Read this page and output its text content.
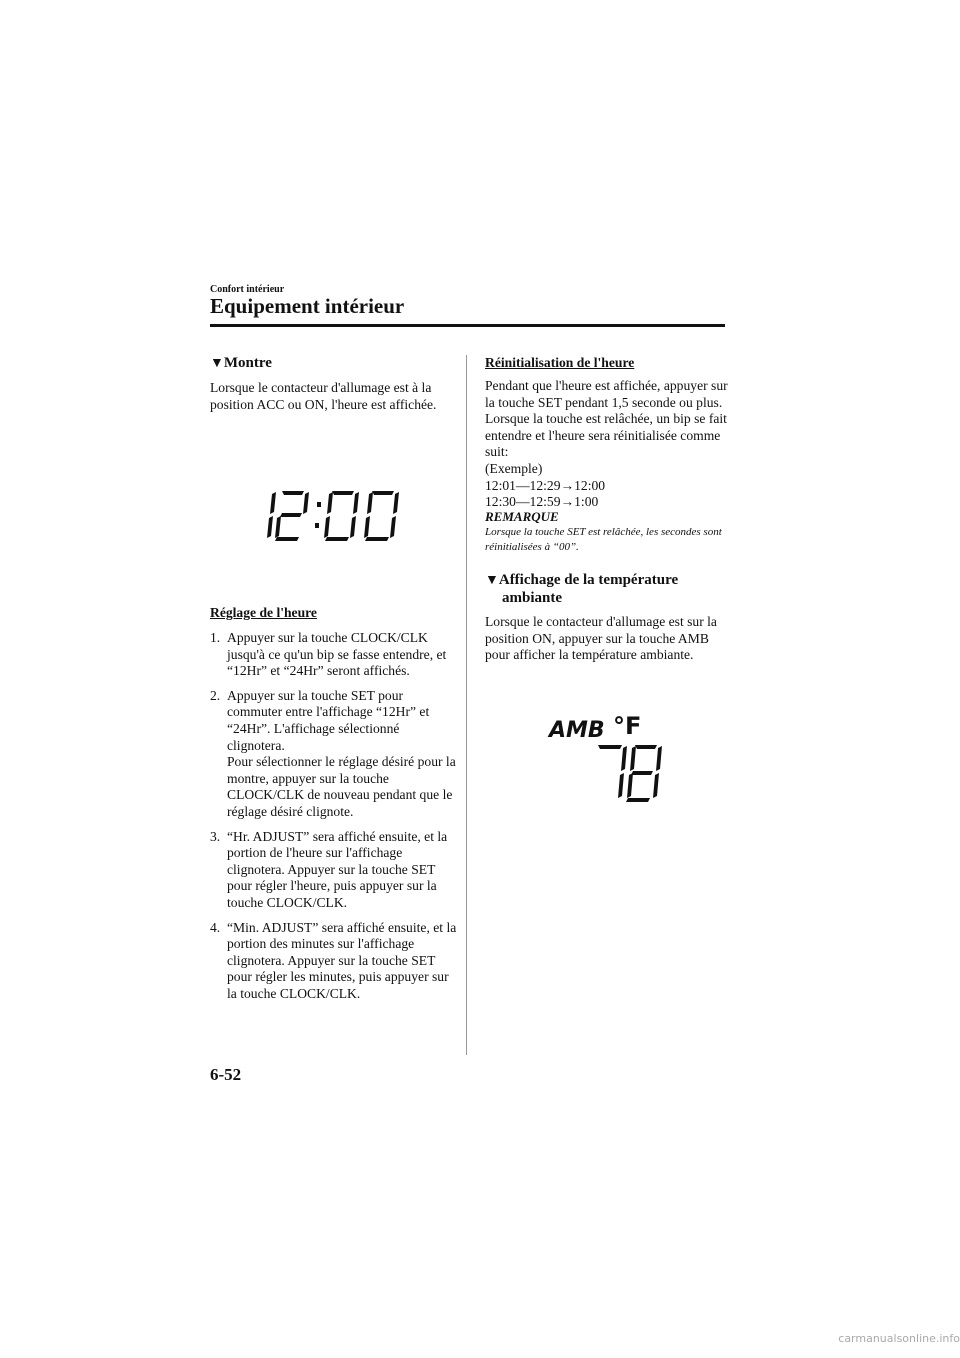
Confort intérieur
Equipement intérieur
▼Montre
Lorsque le contacteur d'allumage est à la position ACC ou ON, l'heure est affichée.
Réglage de l'heure
1. Appuyer sur la touche CLOCK/CLK jusqu'à ce qu'un bip se fasse entendre, et “12Hr” et “24Hr” seront affichés.
2. Appuyer sur la touche SET pour commuter entre l'affichage “12Hr” et “24Hr”. L'affichage sélectionné clignotera.
Pour sélectionner le réglage désiré pour la montre, appuyer sur la touche CLOCK/CLK de nouveau pendant que le réglage désiré clignote.
3. “Hr. ADJUST” sera affiché ensuite, et la portion de l'heure sur l'affichage clignotera. Appuyer sur la touche SET pour régler l'heure, puis appuyer sur la touche CLOCK/CLK.
4. “Min. ADJUST” sera affiché ensuite, et la portion des minutes sur l'affichage clignotera. Appuyer sur la touche SET pour régler les minutes, puis appuyer sur la touche CLOCK/CLK.
Réinitialisation de l'heure

Pendant que l'heure est affichée, appuyer sur la touche SET pendant 1,5 seconde ou plus. Lorsque la touche est relâchée, un bip se fait entendre et l'heure sera réinitialisée comme suit:

(Exemple)

12:01―12:29→12:00

12:30―12:59→1:00

REMARQUE
Lorsque la touche SET est relâchée, les secondes sont réinitialisées à “00”.
▼Affichage de la température
ambiante
Lorsque le contacteur d'allumage est sur la position ON, appuyer sur la touche AMB pour afficher la température ambiante.
AMB °F
6-52
carmanualsonline.info
